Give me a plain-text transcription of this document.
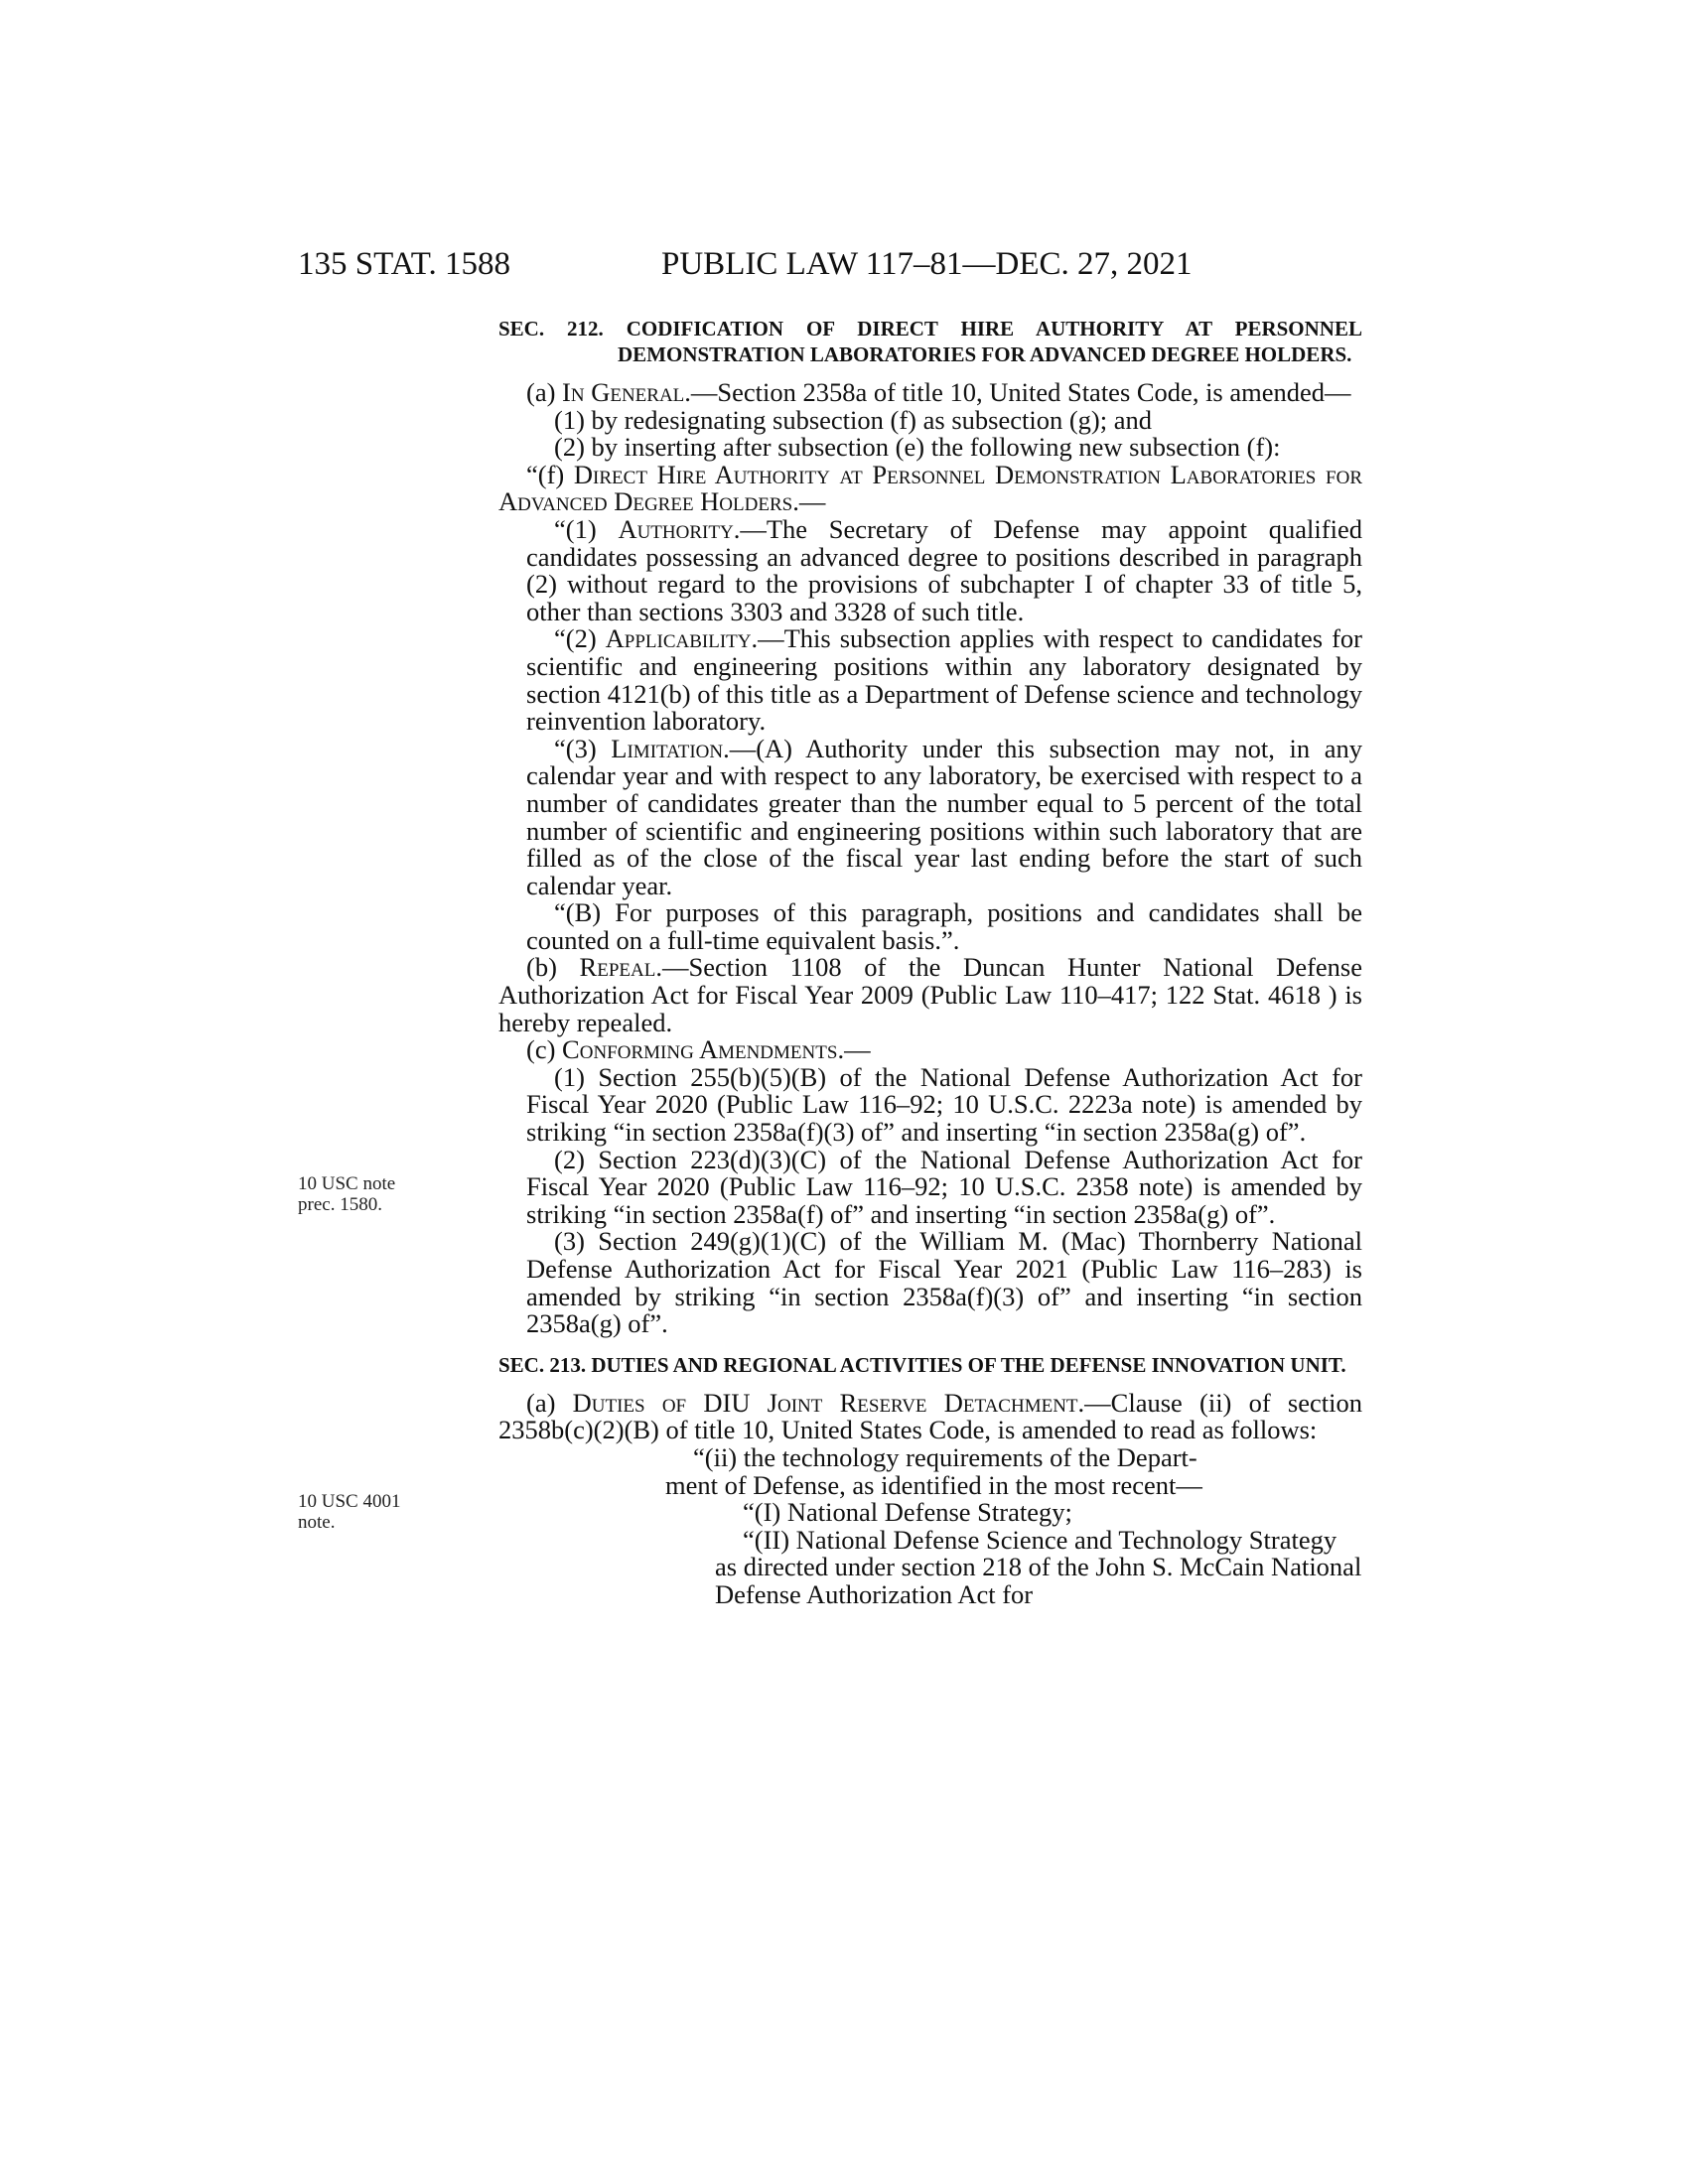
135 STAT. 1588	PUBLIC LAW 117–81—DEC. 27, 2021
10 USC note
prec. 1580.
10 USC 4001
note.

SEC. 212. CODIFICATION OF DIRECT HIRE AUTHORITY AT PERSONNEL DEMONSTRATION LABORATORIES FOR ADVANCED DEGREE HOLDERS.

(a) In General.—Section 2358a of title 10, United States Code, is amended—

(1) by redesignating subsection (f) as subsection (g); and

(2) by inserting after subsection (e) the following new subsection (f):

“(f) Direct Hire Authority at Personnel Demonstration Laboratories for Advanced Degree Holders.—

“(1) Authority.—The Secretary of Defense may appoint qualified candidates possessing an advanced degree to positions described in paragraph (2) without regard to the provisions of subchapter I of chapter 33 of title 5, other than sections 3303 and 3328 of such title.

“(2) Applicability.—This subsection applies with respect to candidates for scientific and engineering positions within any laboratory designated by section 4121(b) of this title as a Department of Defense science and technology reinvention laboratory.

“(3) Limitation.—(A) Authority under this subsection may not, in any calendar year and with respect to any laboratory, be exercised with respect to a number of candidates greater than the number equal to 5 percent of the total number of scientific and engineering positions within such laboratory that are filled as of the close of the fiscal year last ending before the start of such calendar year.

“(B) For purposes of this paragraph, positions and candidates shall be counted on a full-time equivalent basis.”.

(b) Repeal.—Section 1108 of the Duncan Hunter National Defense Authorization Act for Fiscal Year 2009 (Public Law 110–417; 122 Stat. 4618 ) is hereby repealed.

(c) Conforming Amendments.—

(1) Section 255(b)(5)(B) of the National Defense Authorization Act for Fiscal Year 2020 (Public Law 116–92; 10 U.S.C. 2223a note) is amended by striking “in section 2358a(f)(3) of” and inserting “in section 2358a(g) of”.

(2) Section 223(d)(3)(C) of the National Defense Authorization Act for Fiscal Year 2020 (Public Law 116–92; 10 U.S.C. 2358 note) is amended by striking “in section 2358a(f) of” and inserting “in section 2358a(g) of”.

(3) Section 249(g)(1)(C) of the William M. (Mac) Thornberry National Defense Authorization Act for Fiscal Year 2021 (Public Law 116–283) is amended by striking “in section 2358a(f)(3) of” and inserting “in section 2358a(g) of”.

SEC. 213. DUTIES AND REGIONAL ACTIVITIES OF THE DEFENSE INNOVATION UNIT.

(a) Duties of DIU Joint Reserve Detachment.—Clause (ii) of section 2358b(c)(2)(B) of title 10, United States Code, is amended to read as follows:

“(ii) the technology requirements of the Depart-
ment of Defense, as identified in the most recent—

“(I) National Defense Strategy;

“(II) National Defense Science and Technology Strategy as directed under section 218 of the John S. McCain National Defense Authorization Act for
